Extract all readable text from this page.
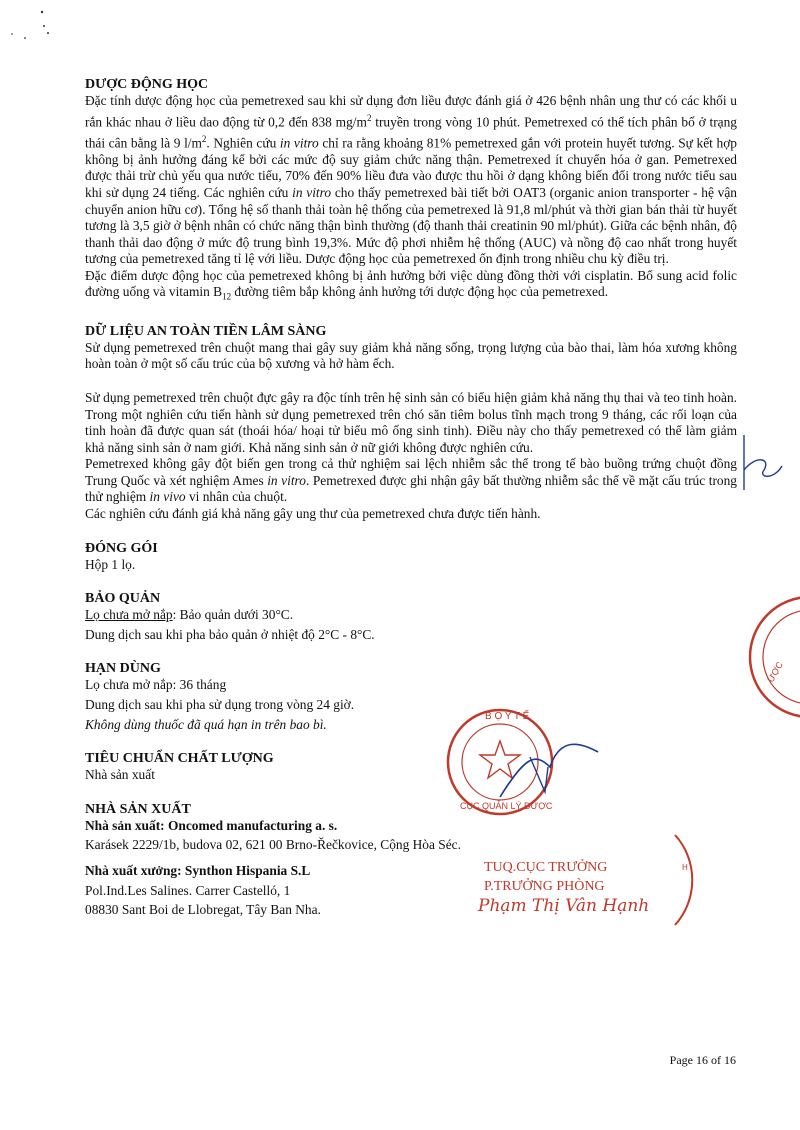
DƯỢC ĐỘNG HỌC

Đặc tính dược động học của pemetrexed sau khi sử dụng đơn liều được đánh giá ở 426 bệnh nhân ung thư có các khối u rắn khác nhau ở liều dao động từ 0,2 đến 838 $mg/m^2$ truyền trong vòng 10 phút. Pemetrexed có thể tích phân bố ở trạng thái cân bằng là 9 $l/m^2$. Nghiên cứu in vitro chỉ ra rằng khoảng 81% pemetrexed gắn với protein huyết tương. Sự kết hợp không bị ảnh hưởng đáng kể bởi các mức độ suy giảm chức năng thận. Pemetrexed ít chuyển hóa ở gan. Pemetrexed được thải trừ chủ yếu qua nước tiểu, 70% đến 90% liều đưa vào được thu hồi ở dạng không biến đổi trong nước tiểu sau khi sử dụng 24 tiếng. Các nghiên cứu in vitro cho thấy pemetrexed bài tiết bởi OAT3 (organic anion transporter - hệ vận chuyển anion hữu cơ). Tổng hệ số thanh thải toàn hệ thống của pemetrexed là 91,8 ml/phút và thời gian bán thải từ huyết tương là 3,5 giờ ở bệnh nhân có chức năng thận bình thường (độ thanh thải creatinin 90 ml/phút). Giữa các bệnh nhân, độ thanh thải dao động ở mức độ trung bình 19,3%. Mức độ phơi nhiễm hệ thống (AUC) và nồng độ cao nhất trong huyết tương của pemetrexed tăng tỉ lệ với liều. Dược động học của pemetrexed ổn định trong nhiều chu kỳ điều trị.

Đặc điểm dược động học của pemetrexed không bị ảnh hưởng bởi việc dùng đồng thời với cisplatin. Bổ sung acid folic đường uống và vitamin $B_{12}$ đường tiêm bắp không ảnh hưởng tới dược động học của pemetrexed.

DỮ LIỆU AN TOÀN TIỀN LÂM SÀNG

Sử dụng pemetrexed trên chuột mang thai gây suy giảm khả năng sống, trọng lượng của bào thai, làm hóa xương không hoàn toàn ở một số cấu trúc của bộ xương và hở hàm ếch.

Sử dụng pemetrexed trên chuột đực gây ra độc tính trên hệ sinh sản có biểu hiện giảm khả năng thụ thai và teo tinh hoàn. Trong một nghiên cứu tiến hành sử dụng pemetrexed trên chó săn tiêm bolus tĩnh mạch trong 9 tháng, các rối loạn của tinh hoàn đã được quan sát (thoái hóa/ hoại tử biểu mô ống sinh tinh). Điều này cho thấy pemetrexed có thể làm giảm khả năng sinh sản ở nam giới. Khả năng sinh sản ở nữ giới không được nghiên cứu.

Pemetrexed không gây đột biến gen trong cả thử nghiệm sai lệch nhiễm sắc thể trong tế bào buồng trứng chuột đồng Trung Quốc và xét nghiệm Ames in vitro. Pemetrexed được ghi nhận gây bất thường nhiễm sắc thể về mặt cấu trúc trong thử nghiệm in vivo vi nhân của chuột.

Các nghiên cứu đánh giá khả năng gây ung thư của pemetrexed chưa được tiến hành.

ĐÓNG GÓI

Hộp 1 lọ.

BẢO QUẢN

Lọ chưa mở nắp: Bảo quản dưới 30°C.

Dung dịch sau khi pha bảo quản ở nhiệt độ 2°C - 8°C.

HẠN DÙNG

Lọ chưa mở nắp: 36 tháng

Dung dịch sau khi pha sử dụng trong vòng 24 giờ.

Không dùng thuốc đã quá hạn in trên bao bì.

TIÊU CHUẨN CHẤT LƯỢNG

Nhà sản xuất

NHÀ SẢN XUẤT

Nhà sản xuất: Oncomed manufacturing a. s.

Karásek 2229/1b, budova 02, 621 00 Brno-Řečkovice, Cộng Hòa Séc.

Nhà xuất xưởng: Synthon Hispania S.L

Pol.Ind.Les Salines. Carrer Castelló, 1

08830 Sant Boi de Llobregat, Tây Ban Nha.

B Ộ Y T Ế
CỤC QUẢN LÝ DƯỢC
ƯỢC
H
TUQ.CỤC TRƯỞNG
P.TRƯỞNG PHÒNG
Phạm Thị Vân Hạnh
Page 16 of 16
